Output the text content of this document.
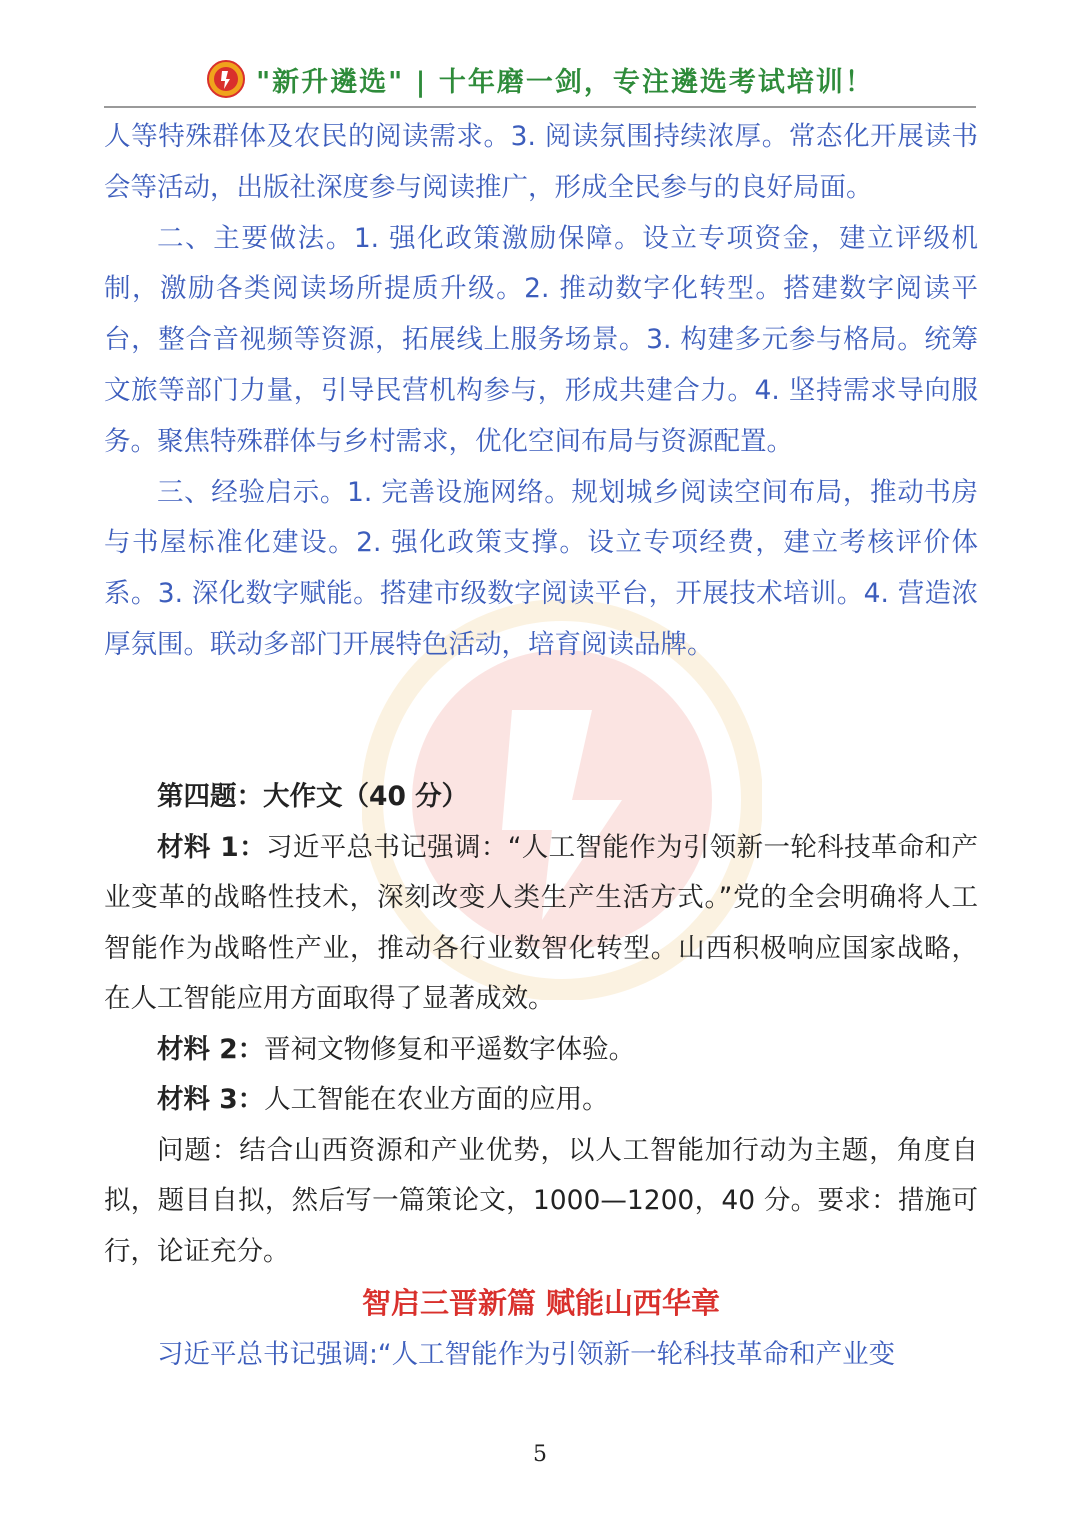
"新升遴选" | 十年磨一剑，专注遴选考试培训！

人等特殊群体及农民的阅读需求。3. 阅读氛围持续浓厚。常态化开展读书会等活动，出版社深度参与阅读推广，形成全民参与的良好局面。

二、主要做法。1. 强化政策激励保障。设立专项资金，建立评级机制，激励各类阅读场所提质升级。2. 推动数字化转型。搭建数字阅读平台，整合音视频等资源，拓展线上服务场景。3. 构建多元参与格局。统筹文旅等部门力量，引导民营机构参与，形成共建合力。4. 坚持需求导向服务。聚焦特殊群体与乡村需求，优化空间布局与资源配置。

三、经验启示。1. 完善设施网络。规划城乡阅读空间布局，推动书房与书屋标准化建设。2. 强化政策支撑。设立专项经费，建立考核评价体系。3. 深化数字赋能。搭建市级数字阅读平台，开展技术培训。4. 营造浓厚氛围。联动多部门开展特色活动，培育阅读品牌。

第四题：大作文（40 分）

材料 1：习近平总书记强调：“人工智能作为引领新一轮科技革命和产业变革的战略性技术，深刻改变人类生产生活方式。”党的全会明确将人工智能作为战略性产业，推动各行业数智化转型。山西积极响应国家战略，在人工智能应用方面取得了显著成效。

材料 2：晋祠文物修复和平遥数字体验。

材料 3：人工智能在农业方面的应用。

问题：结合山西资源和产业优势，以人工智能加行动为主题，角度自拟，题目自拟，然后写一篇策论文，1000—1200，40 分。要求：措施可行，论证充分。

智启三晋新篇 赋能山西华章
习近平总书记强调:“人工智能作为引领新一轮科技革命和产业变
5
